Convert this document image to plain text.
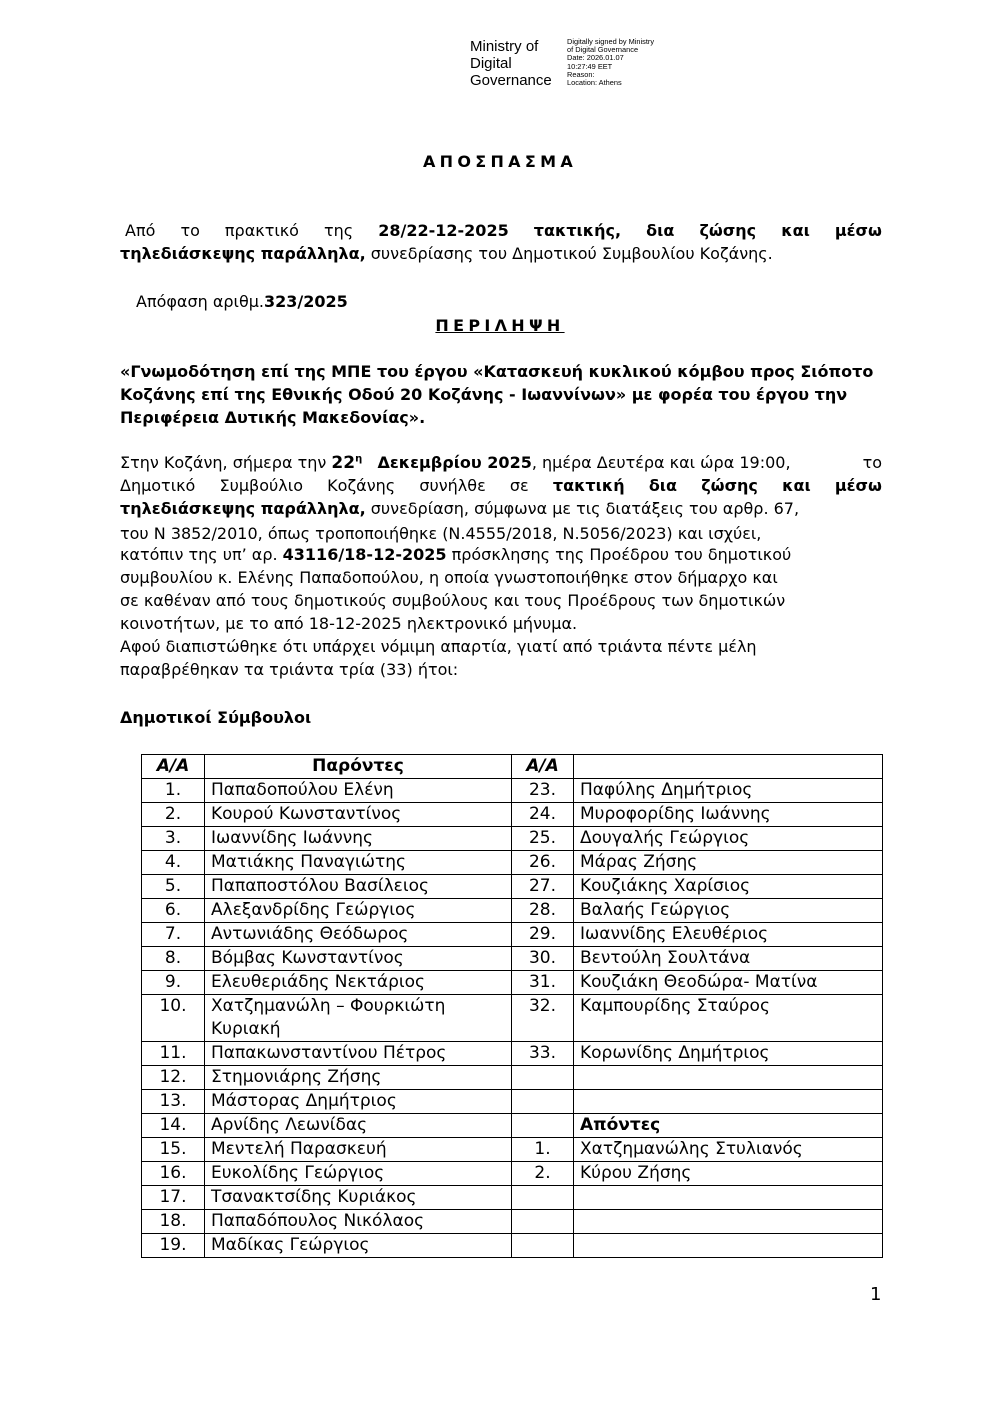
Ministry of
Digital
Governance
Digitally signed by Ministry
of Digital Governance
Date: 2026.01.07
10:27:49 EET
Reason:
Location: Athens
ΑΠΟΣΠΑΣΜΑ
Από το πρακτικό της 28/22-12-2025 τακτικής, δια ζώσης και μέσω
τηλεδιάσκεψης παράλληλα, συνεδρίασης του Δημοτικού Συμβουλίου Κοζάνης.
Απόφαση αριθμ.323/2025
ΠΕΡΙΛΗΨΗ
«Γνωμοδότηση επί της ΜΠΕ του έργου «Κατασκευή κυκλικού κόμβου προς Σιόποτο Κοζάνης επί της Εθνικής Οδού 20 Κοζάνης - Ιωαννίνων» με φορέα του έργου την Περιφέρεια Δυτικής Μακεδονίας».
Στην Κοζάνη, σήμερα την $22^\eta$ Δεκεμβρίου 2025, ημέρα Δευτέρα και ώρα 19:00,	το
Δημοτικό Συμβούλιο Κοζάνης συνήλθε σε τακτική δια ζώσης και μέσω
τηλεδιάσκεψης παράλληλα, συνεδρίαση, σύμφωνα με τις διατάξεις του αρθρ. 67,
του Ν 3852/2010, όπως τροποποιήθηκε (Ν.4555/2018, Ν.5056/2023) και ισχύει,
κατόπιν της υπ’ αρ. 43116/18-12-2025 πρόσκλησης της Προέδρου του δημοτικού
συμβουλίου κ. Ελένης Παπαδοπούλου, η οποία γνωστοποιήθηκε στον δήμαρχο και
σε καθέναν από τους δημοτικούς συμβούλους και τους Προέδρους των δημοτικών
κοινοτήτων, με το από 18-12-2025 ηλεκτρονικό μήνυμα.
Αφού διαπιστώθηκε ότι υπάρχει νόμιμη απαρτία, γιατί από τριάντα πέντε μέλη
παραβρέθηκαν τα τριάντα τρία (33) ήτοι:
Δημοτικοί Σύμβουλοι
Α/Α	Παρόντες	Α/Α	
1.	Παπαδοπούλου Ελένη	23.	Παφύλης Δημήτριος
2.	Κουρού Κωνσταντίνος	24.	Μυροφορίδης Ιωάννης
3.	Ιωαννίδης Ιωάννης	25.	Δουγαλής Γεώργιος
4.	Ματιάκης Παναγιώτης	26.	Μάρας Ζήσης
5.	Παπαποστόλου Βασίλειος	27.	Κουζιάκης Χαρίσιος
6.	Αλεξανδρίδης Γεώργιος	28.	Βαλαής Γεώργιος
7.	Αντωνιάδης Θεόδωρος	29.	Ιωαννίδης Ελευθέριος
8.	Βόμβας Κωνσταντίνος	30.	Βεντούλη Σουλτάνα
9.	Ελευθεριάδης Νεκτάριος	31.	Κουζιάκη Θεοδώρα- Ματίνα
10.	Χατζημανώλη – Φουρκιώτη Κυριακή	32.	Καμπουρίδης Σταύρος
11.	Παπακωνσταντίνου Πέτρος	33.	Κορωνίδης Δημήτριος
12.	Στημονιάρης Ζήσης		
13.	Μάστορας Δημήτριος		
14.	Αρνίδης Λεωνίδας		Απόντες
15.	Μεντελή Παρασκευή	1.	Χατζημανώλης Στυλιανός
16.	Ευκολίδης Γεώργιος	2.	Κύρου Ζήσης
17.	Τσανακτσίδης Κυριάκος		
18.	Παπαδόπουλος Νικόλαος		
19.	Μαδίκας Γεώργιος		
1
